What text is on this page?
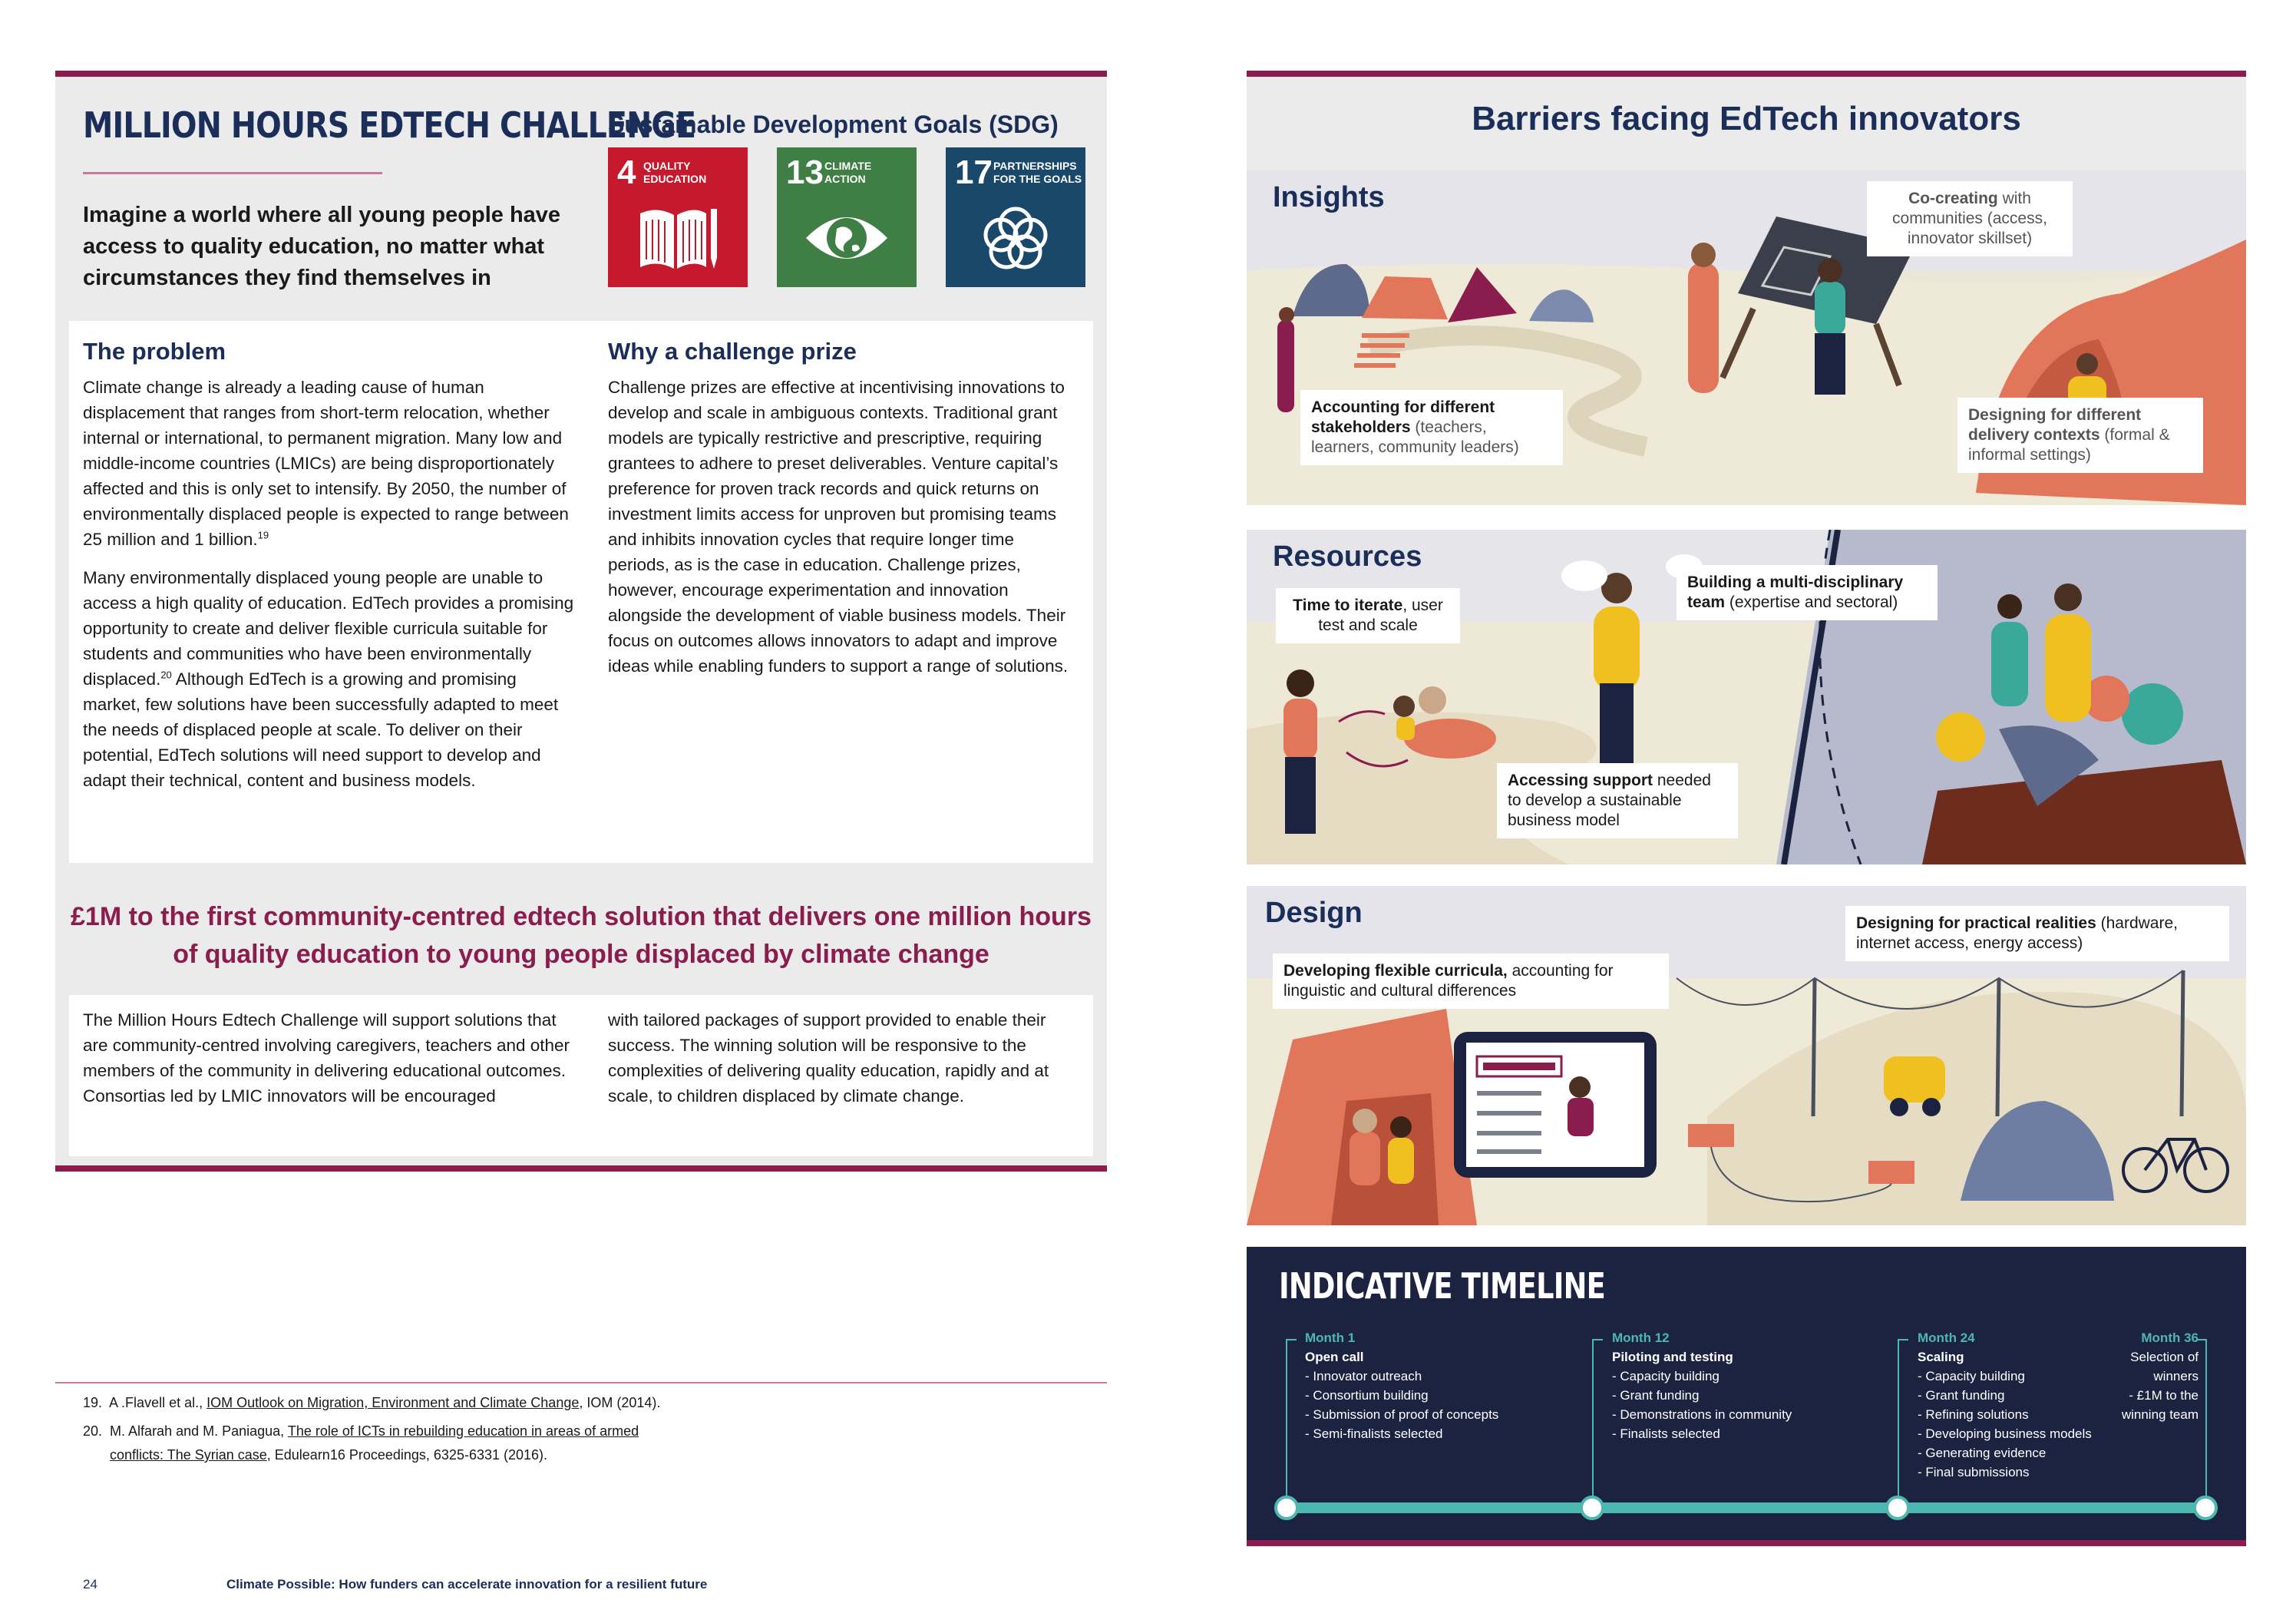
MILLION HOURS EDTECH CHALLENGE
Imagine a world where all young people have access to quality education, no matter what circumstances they find themselves in
Sustainable Development Goals (SDG)
4 QUALITY
EDUCATION 13 CLIMATE
ACTION	17 PARTNERSHIPS
FOR THE GOALS
The problem

Climate change is already a leading cause of human displacement that ranges from short-term relocation, whether internal or international, to permanent migration. Many low and middle-income countries (LMICs) are being disproportionately affected and this is only set to intensify. By 2050, the number of environmentally displaced people is expected to range between 25 million and 1 billion.$^{19}$

Many environmentally displaced young people are unable to access a high quality of education. EdTech provides a promising opportunity to create and deliver flexible curricula suitable for students and communities who have been environmentally displaced.$^{20}$ Although EdTech is a growing and promising market, few solutions have been successfully adapted to meet the needs of displaced people at scale. To deliver on their potential, EdTech solutions will need support to develop and adapt their technical, content and business models.

Why a challenge prize

Challenge prizes are effective at incentivising innovations to develop and scale in ambiguous contexts. Traditional grant models are typically restrictive and prescriptive, requiring grantees to adhere to preset deliverables. Venture capital’s preference for proven track records and quick returns on investment limits access for unproven but promising teams and inhibits innovation cycles that require longer time periods, as is the case in education. Challenge prizes, however, encourage experimentation and innovation alongside the development of viable business models. Their focus on outcomes allows innovators to adapt and improve ideas while enabling funders to support a range of solutions.

£1M to the first community-centred edtech solution that delivers one million hours of quality education to young people displaced by climate change
The Million Hours Edtech Challenge will support solutions that are community-centred involving caregivers, teachers and other members of the community in delivering educational outcomes. Consortias led by LMIC innovators will be encouraged
with tailored packages of support provided to enable their success. The winning solution will be responsive to the complexities of delivering quality education, rapidly and at scale, to children displaced by climate change.
19. A .Flavell et al., IOM Outlook on Migration, Environment and Climate Change, IOM (2014).
20. M. Alfarah and M. Paniagua, The role of ICTs in rebuilding education in areas of armed
conflicts: The Syrian case, Edulearn16 Proceedings, 6325-6331 (2016).
24	Climate Possible: How funders can accelerate innovation for a resilient future
Barriers facing EdTech innovators
Insights	Co-creating with communities (access, innovator skillset)
Accounting for different stakeholders (teachers, learners, community leaders)
Designing for different delivery contexts (formal & informal settings)
Resources
Time to iterate, user test and scale
Building a multi-disciplinary team (expertise and sectoral)
Accessing support needed to develop a sustainable business model
Design
Developing flexible curricula, accounting for linguistic and cultural differences
Designing for practical realities (hardware, internet access, energy access)
INDICATIVE TIMELINE
Month 1
Open call
- Innovator outreach
- Consortium building
- Submission of proof of concepts
- Semi-finalists selected
Month 12
Piloting and testing
- Capacity building
- Grant funding
- Demonstrations in community
- Finalists selected
Month 24
Scaling
- Capacity building
- Grant funding
- Refining solutions
- Developing business models
- Generating evidence
- Final submissions
Month 36
Selection of
winners
- £1M to the
winning team
